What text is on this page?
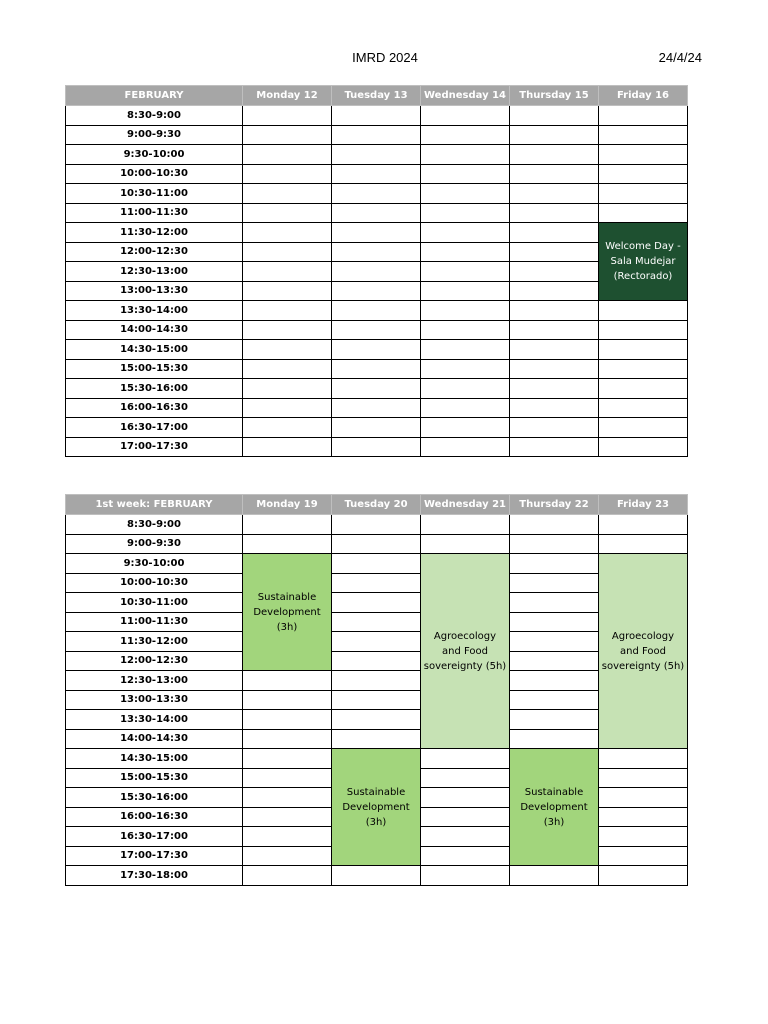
IMRD 2024	24/4/24
FEBRUARY	Monday 12	Tuesday 13	Wednesday 14	Thursday 15	Friday 16
8:30-9:00					
9:00-9:30					
9:30-10:00					
10:00-10:30					
10:30-11:00					
11:00-11:30					
11:30-12:00					Welcome Day - Sala Mudejar (Rectorado)
12:00-12:30					
12:30-13:00					
13:00-13:30					
13:30-14:00					
14:00-14:30					
14:30-15:00					
15:00-15:30					
15:30-16:00					
16:00-16:30					
16:30-17:00					
17:00-17:30					
1st week: FEBRUARY	Monday 19	Tuesday 20	Wednesday 21	Thursday 22	Friday 23
8:30-9:00					
9:00-9:30					
9:30-10:00	Sustainable Development (3h)		Agroecology and Food sovereignty (5h)		Agroecology and Food sovereignty (5h)
10:00-10:30					
10:30-11:00					
11:00-11:30					
11:30-12:00					
12:00-12:30					
12:30-13:00					
13:00-13:30					
13:30-14:00					
14:00-14:30					
14:30-15:00		Sustainable Development (3h)		Sustainable Development (3h)	
15:00-15:30					
15:30-16:00					
16:00-16:30					
16:30-17:00					
17:00-17:30					
17:30-18:00					
